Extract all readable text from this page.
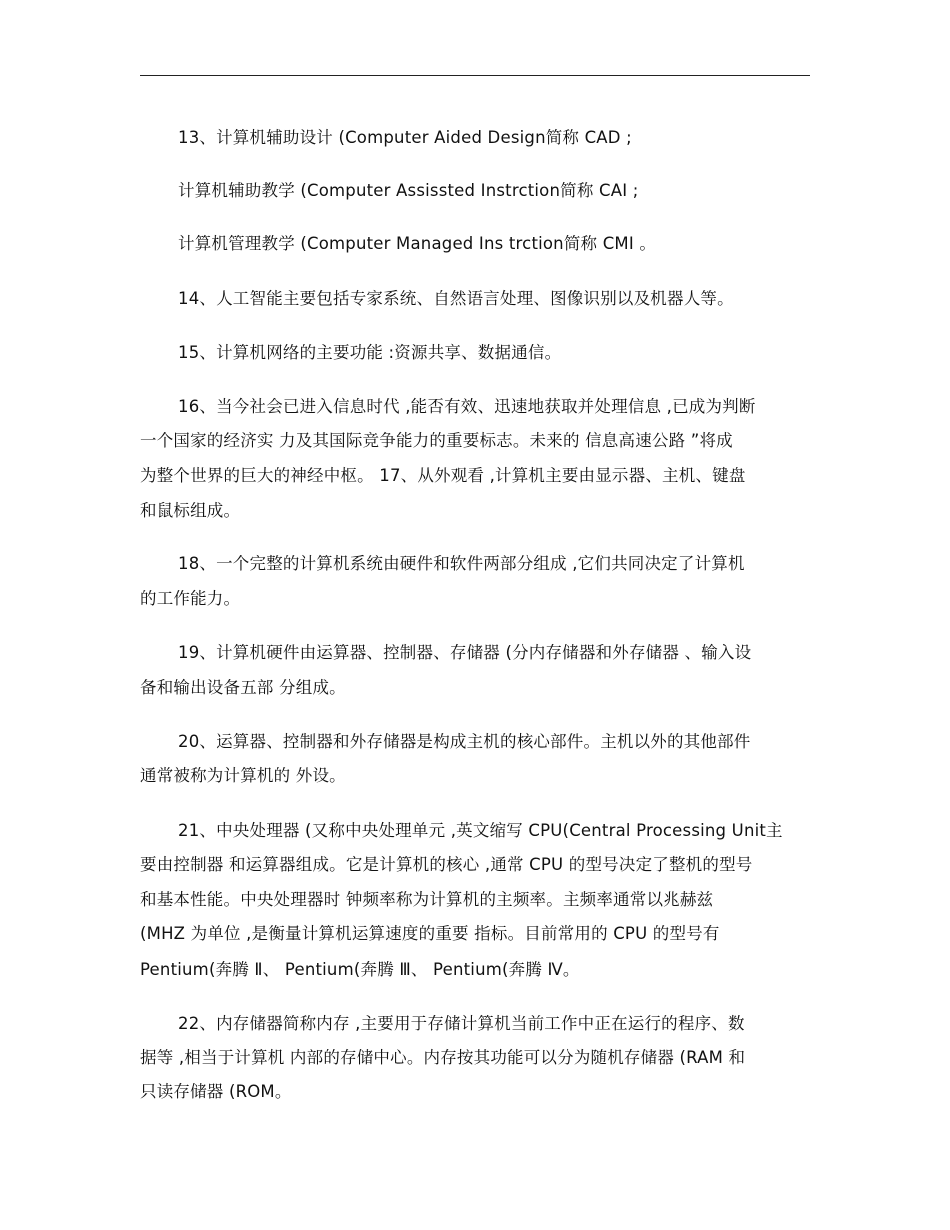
13、计算机辅助设计 (Computer Aided Design简称 CAD ;
计算机辅助教学 (Computer Assissted Instrction简称 CAI ;
计算机管理教学 (Computer Managed Ins trction简称 CMI 。
14、人工智能主要包括专家系统、自然语言处理、图像识别以及机器人等。
15、计算机网络的主要功能 :资源共享、数据通信。
16、当今社会已进入信息时代 ,能否有效、迅速地获取并处理信息 ,已成为判断
一个国家的经济实 力及其国际竞争能力的重要标志。未来的 信息高速公路 ”将成
为整个世界的巨大的神经中枢。 17、从外观看 ,计算机主要由显示器、主机、键盘
和鼠标组成。
18、一个完整的计算机系统由硬件和软件两部分组成 ,它们共同决定了计算机
的工作能力。
19、计算机硬件由运算器、控制器、存储器 (分内存储器和外存储器 、输入设
备和输出设备五部 分组成。
20、运算器、控制器和外存储器是构成主机的核心部件。主机以外的其他部件
通常被称为计算机的 外设。
21、中央处理器 (又称中央处理单元 ,英文缩写 CPU(Central Processing Unit主
要由控制器 和运算器组成。它是计算机的核心 ,通常 CPU 的型号决定了整机的型号
和基本性能。中央处理器时 钟频率称为计算机的主频率。主频率通常以兆赫兹
(MHZ 为单位 ,是衡量计算机运算速度的重要 指标。目前常用的 CPU 的型号有
Pentium(奔腾 Ⅱ、 Pentium(奔腾 Ⅲ、 Pentium(奔腾 Ⅳ。
22、内存储器简称内存 ,主要用于存储计算机当前工作中正在运行的程序、数
据等 ,相当于计算机 内部的存储中心。内存按其功能可以分为随机存储器 (RAM 和
只读存储器 (ROM。
